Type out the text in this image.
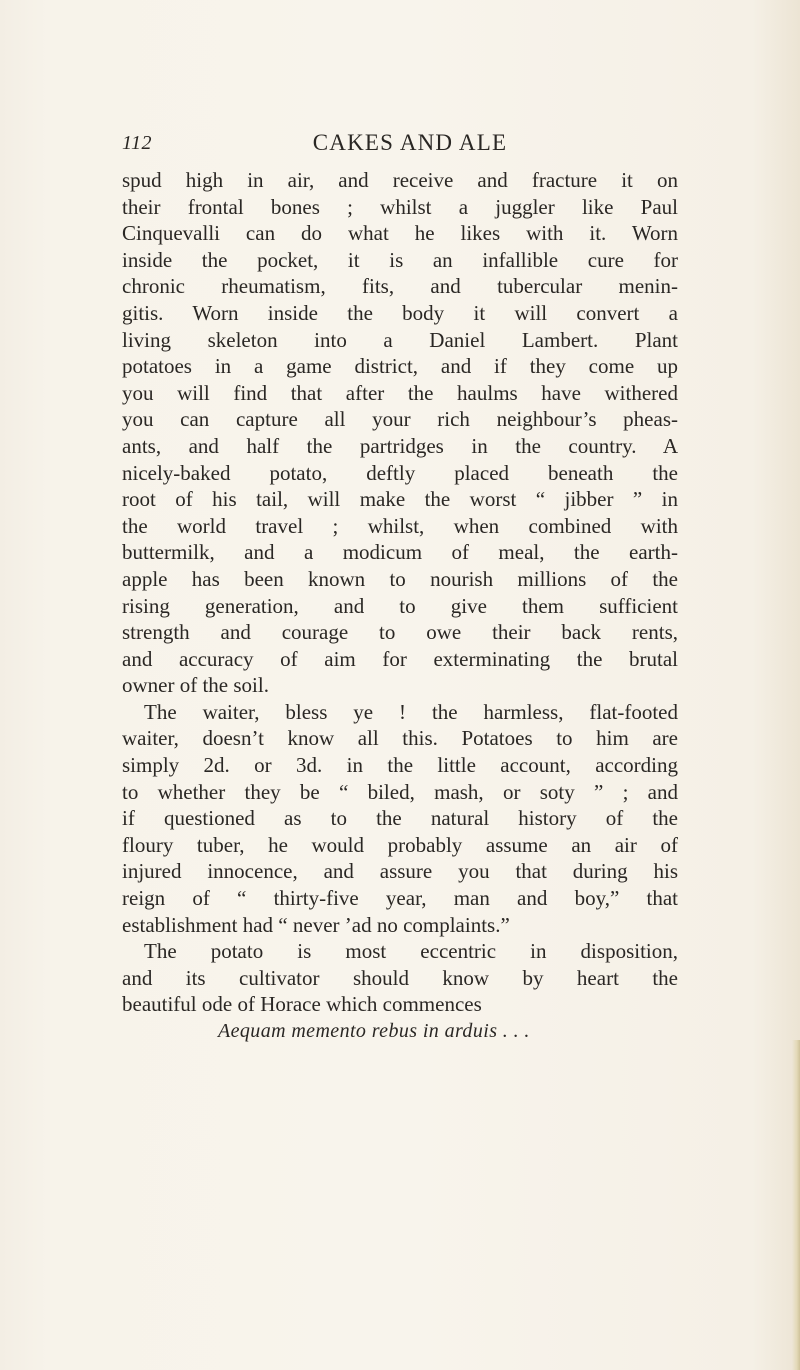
112	CAKES AND ALE
spud high in air, and receive and fracture it on
their frontal bones ; whilst a juggler like Paul
Cinquevalli can do what he likes with it. Worn
inside the pocket, it is an infallible cure for
chronic rheumatism, fits, and tubercular menin-
gitis. Worn inside the body it will convert a
living skeleton into a Daniel Lambert. Plant
potatoes in a game district, and if they come up
you will find that after the haulms have withered
you can capture all your rich neighbour’s pheas-
ants, and half the partridges in the country. A
nicely-baked potato, deftly placed beneath the
root of his tail, will make the worst “ jibber ” in
the world travel ; whilst, when combined with
buttermilk, and a modicum of meal, the earth-
apple has been known to nourish millions of the
rising generation, and to give them sufficient
strength and courage to owe their back rents,
and accuracy of aim for exterminating the brutal
owner of the soil.
The waiter, bless ye ! the harmless, flat-footed
waiter, doesn’t know all this. Potatoes to him are
simply 2d. or 3d. in the little account, according
to whether they be “ biled, mash, or soty ” ; and
if questioned as to the natural history of the
floury tuber, he would probably assume an air of
injured innocence, and assure you that during his
reign of “ thirty-five year, man and boy,” that
establishment had “ never ’ad no complaints.”
The potato is most eccentric in disposition,
and its cultivator should know by heart the
beautiful ode of Horace which commences
Aequam memento rebus in arduis . . .
